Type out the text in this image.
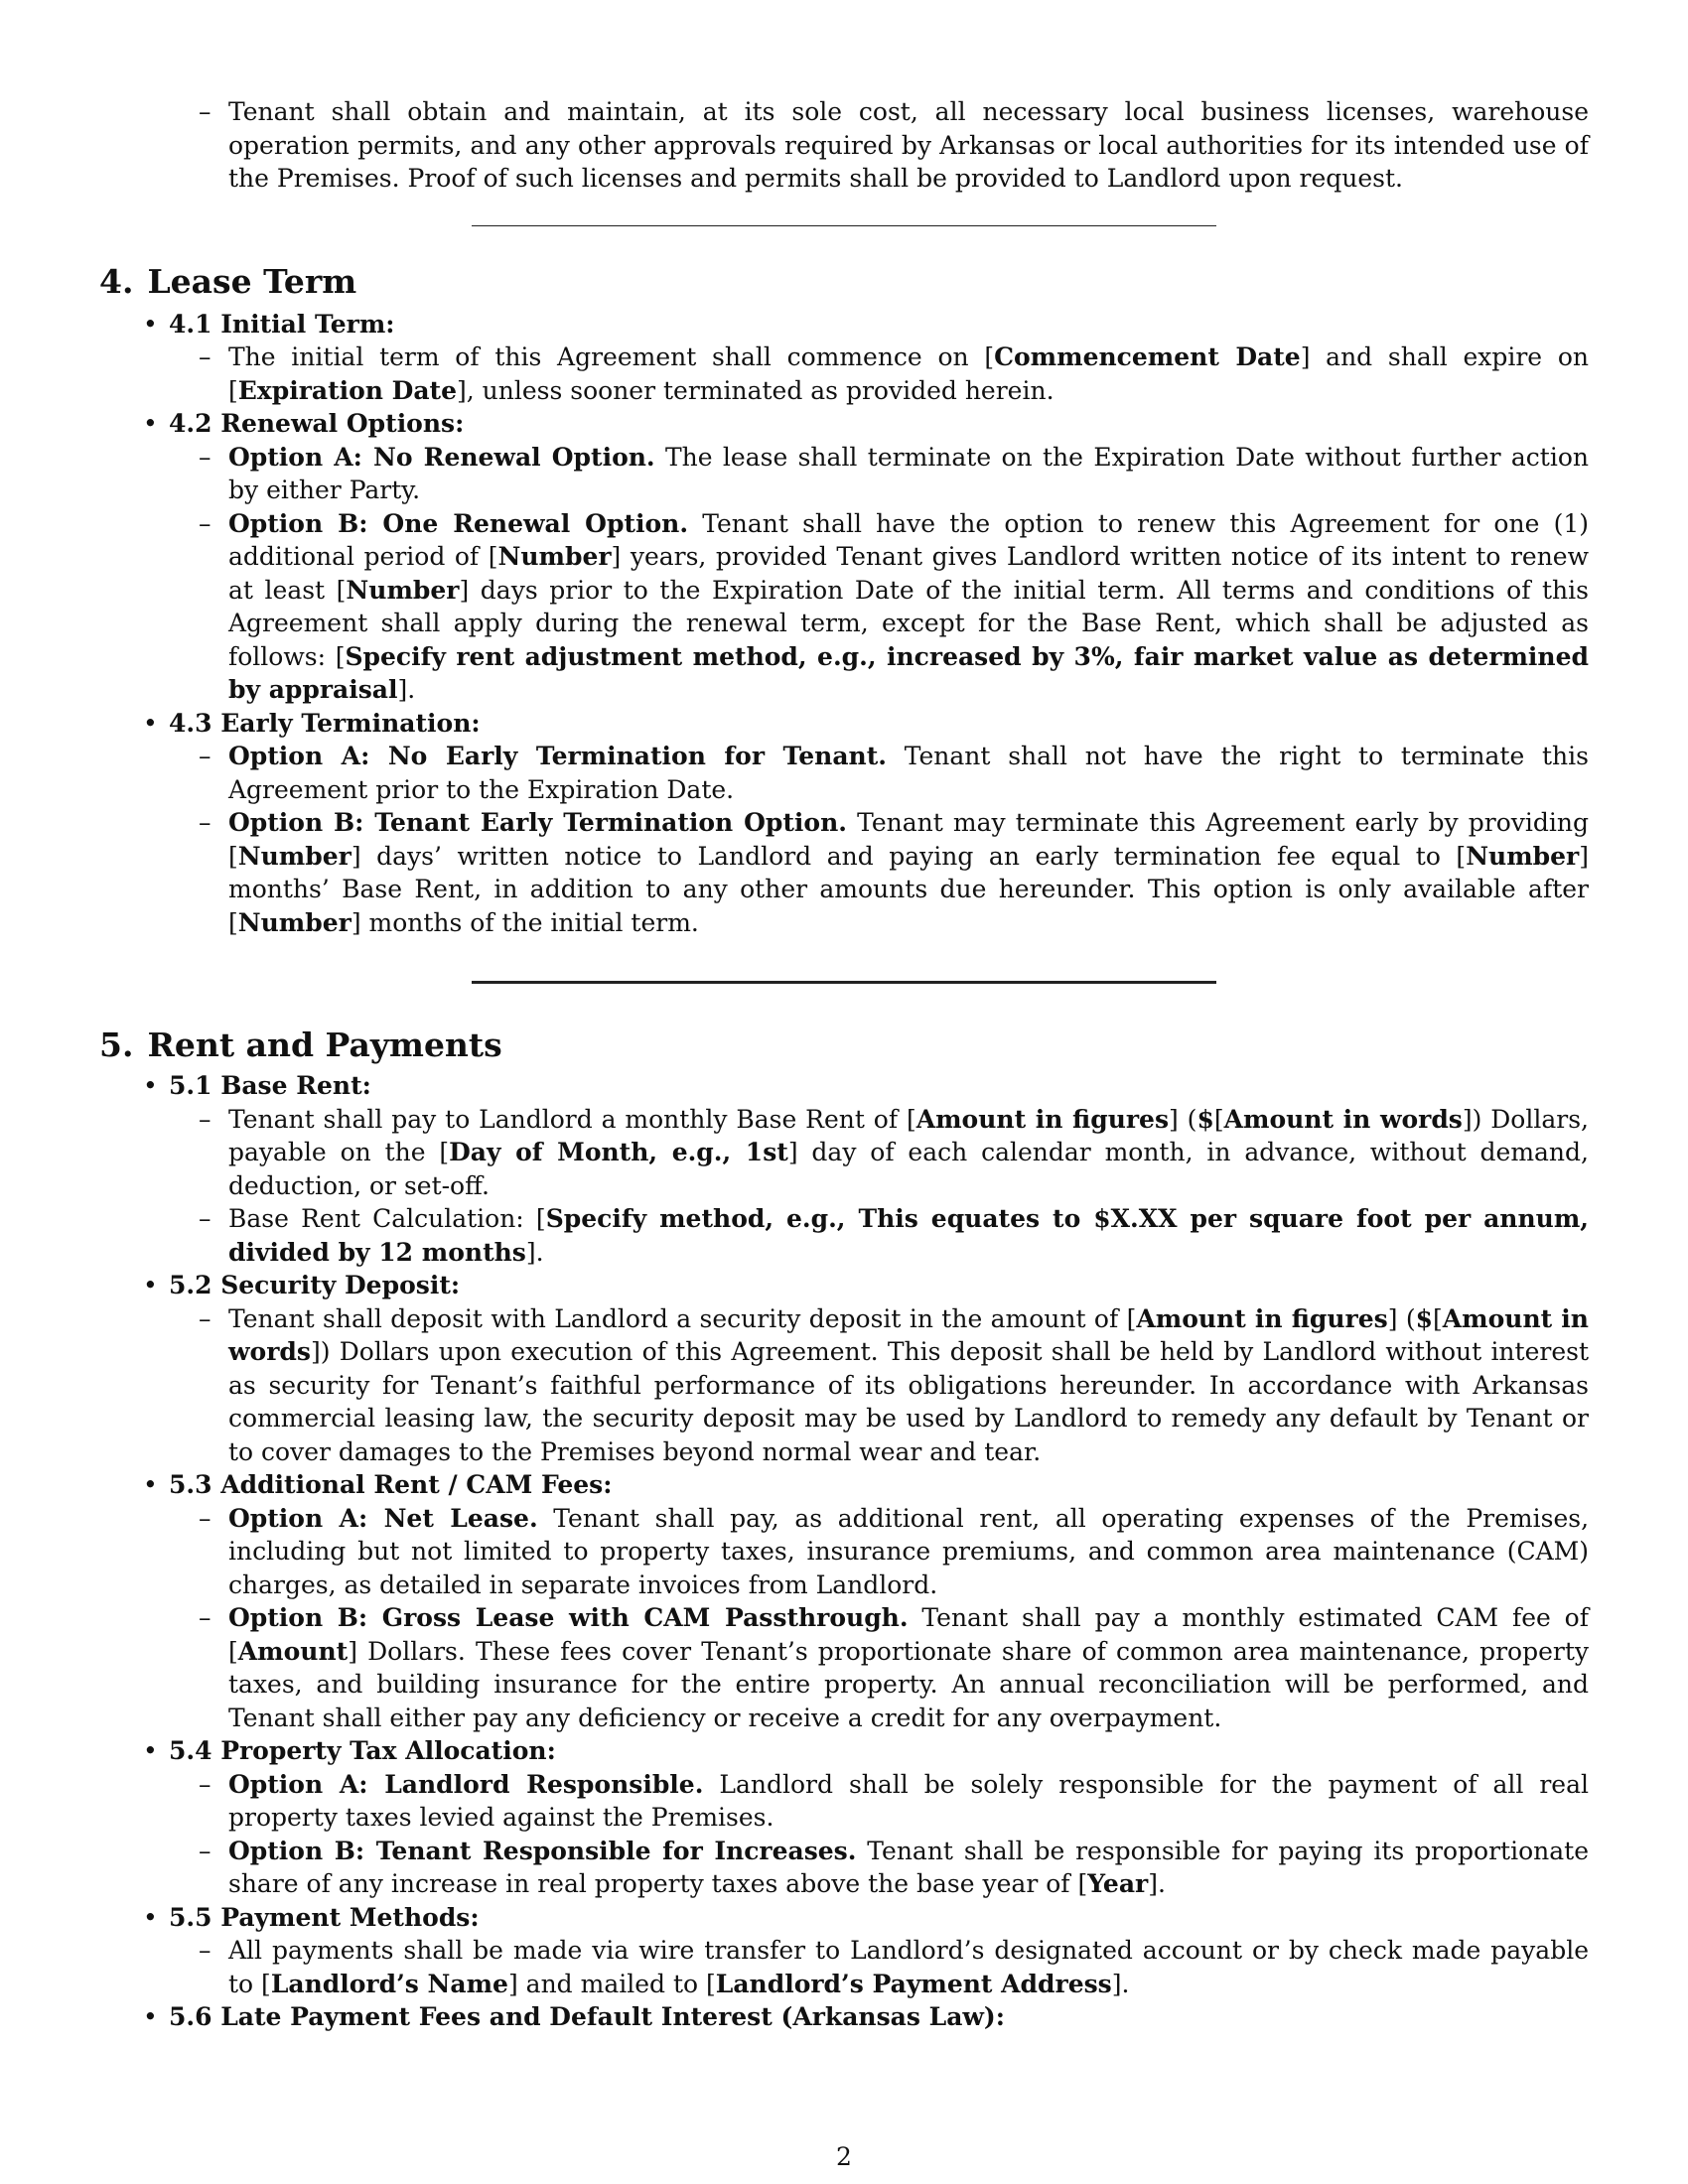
– Tenant shall obtain and maintain, at its sole cost, all necessary local business licenses, warehouse operation permits, and any other approvals required by Arkansas or local authorities for its intended use of the Premises. Proof of such licenses and permits shall be provided to Landlord upon request.
4. Lease Term
• 4.1 Initial Term:
– The initial term of this Agreement shall commence on [Commencement Date] and shall expire on [Expiration Date], unless sooner terminated as provided herein.
• 4.2 Renewal Options:
– Option A: No Renewal Option. The lease shall terminate on the Expiration Date without further action by either Party.
– Option B: One Renewal Option. Tenant shall have the option to renew this Agreement for one (1) additional period of [Number] years, provided Tenant gives Landlord written notice of its intent to renew at least [Number] days prior to the Expiration Date of the initial term. All terms and conditions of this Agreement shall apply during the renewal term, except for the Base Rent, which shall be adjusted as follows: [Specify rent adjustment method, e.g., increased by 3%, fair market value as determined by appraisal].
• 4.3 Early Termination:
– Option A: No Early Termination for Tenant. Tenant shall not have the right to terminate this Agreement prior to the Expiration Date.
– Option B: Tenant Early Termination Option. Tenant may terminate this Agreement early by providing [Number] days’ written notice to Landlord and paying an early termination fee equal to [Number] months’ Base Rent, in addition to any other amounts due hereunder. This option is only available after [Number] months of the initial term.
5. Rent and Payments
• 5.1 Base Rent:
– Tenant shall pay to Landlord a monthly Base Rent of [Amount in figures] ($[Amount in words]) Dollars, payable on the [Day of Month, e.g., 1st] day of each calendar month, in advance, without demand, deduction, or set-off.
– Base Rent Calculation: [Specify method, e.g., This equates to $X.XX per square foot per annum, divided by 12 months].
• 5.2 Security Deposit:
– Tenant shall deposit with Landlord a security deposit in the amount of [Amount in figures] ($[Amount in words]) Dollars upon execution of this Agreement. This deposit shall be held by Landlord without interest as security for Tenant’s faithful performance of its obligations hereunder. In accordance with Arkansas commercial leasing law, the security deposit may be used by Landlord to remedy any default by Tenant or to cover damages to the Premises beyond normal wear and tear.
• 5.3 Additional Rent / CAM Fees:
– Option A: Net Lease. Tenant shall pay, as additional rent, all operating expenses of the Premises, including but not limited to property taxes, insurance premiums, and common area maintenance (CAM) charges, as detailed in separate invoices from Landlord.
– Option B: Gross Lease with CAM Passthrough. Tenant shall pay a monthly estimated CAM fee of [Amount] Dollars. These fees cover Tenant’s proportionate share of common area maintenance, property taxes, and building insurance for the entire property. An annual reconciliation will be performed, and Tenant shall either pay any deficiency or receive a credit for any overpayment.
• 5.4 Property Tax Allocation:
– Option A: Landlord Responsible. Landlord shall be solely responsible for the payment of all real property taxes levied against the Premises.
– Option B: Tenant Responsible for Increases. Tenant shall be responsible for paying its proportionate share of any increase in real property taxes above the base year of [Year].
• 5.5 Payment Methods:
– All payments shall be made via wire transfer to Landlord’s designated account or by check made payable to [Landlord’s Name] and mailed to [Landlord’s Payment Address].
• 5.6 Late Payment Fees and Default Interest (Arkansas Law):
2
